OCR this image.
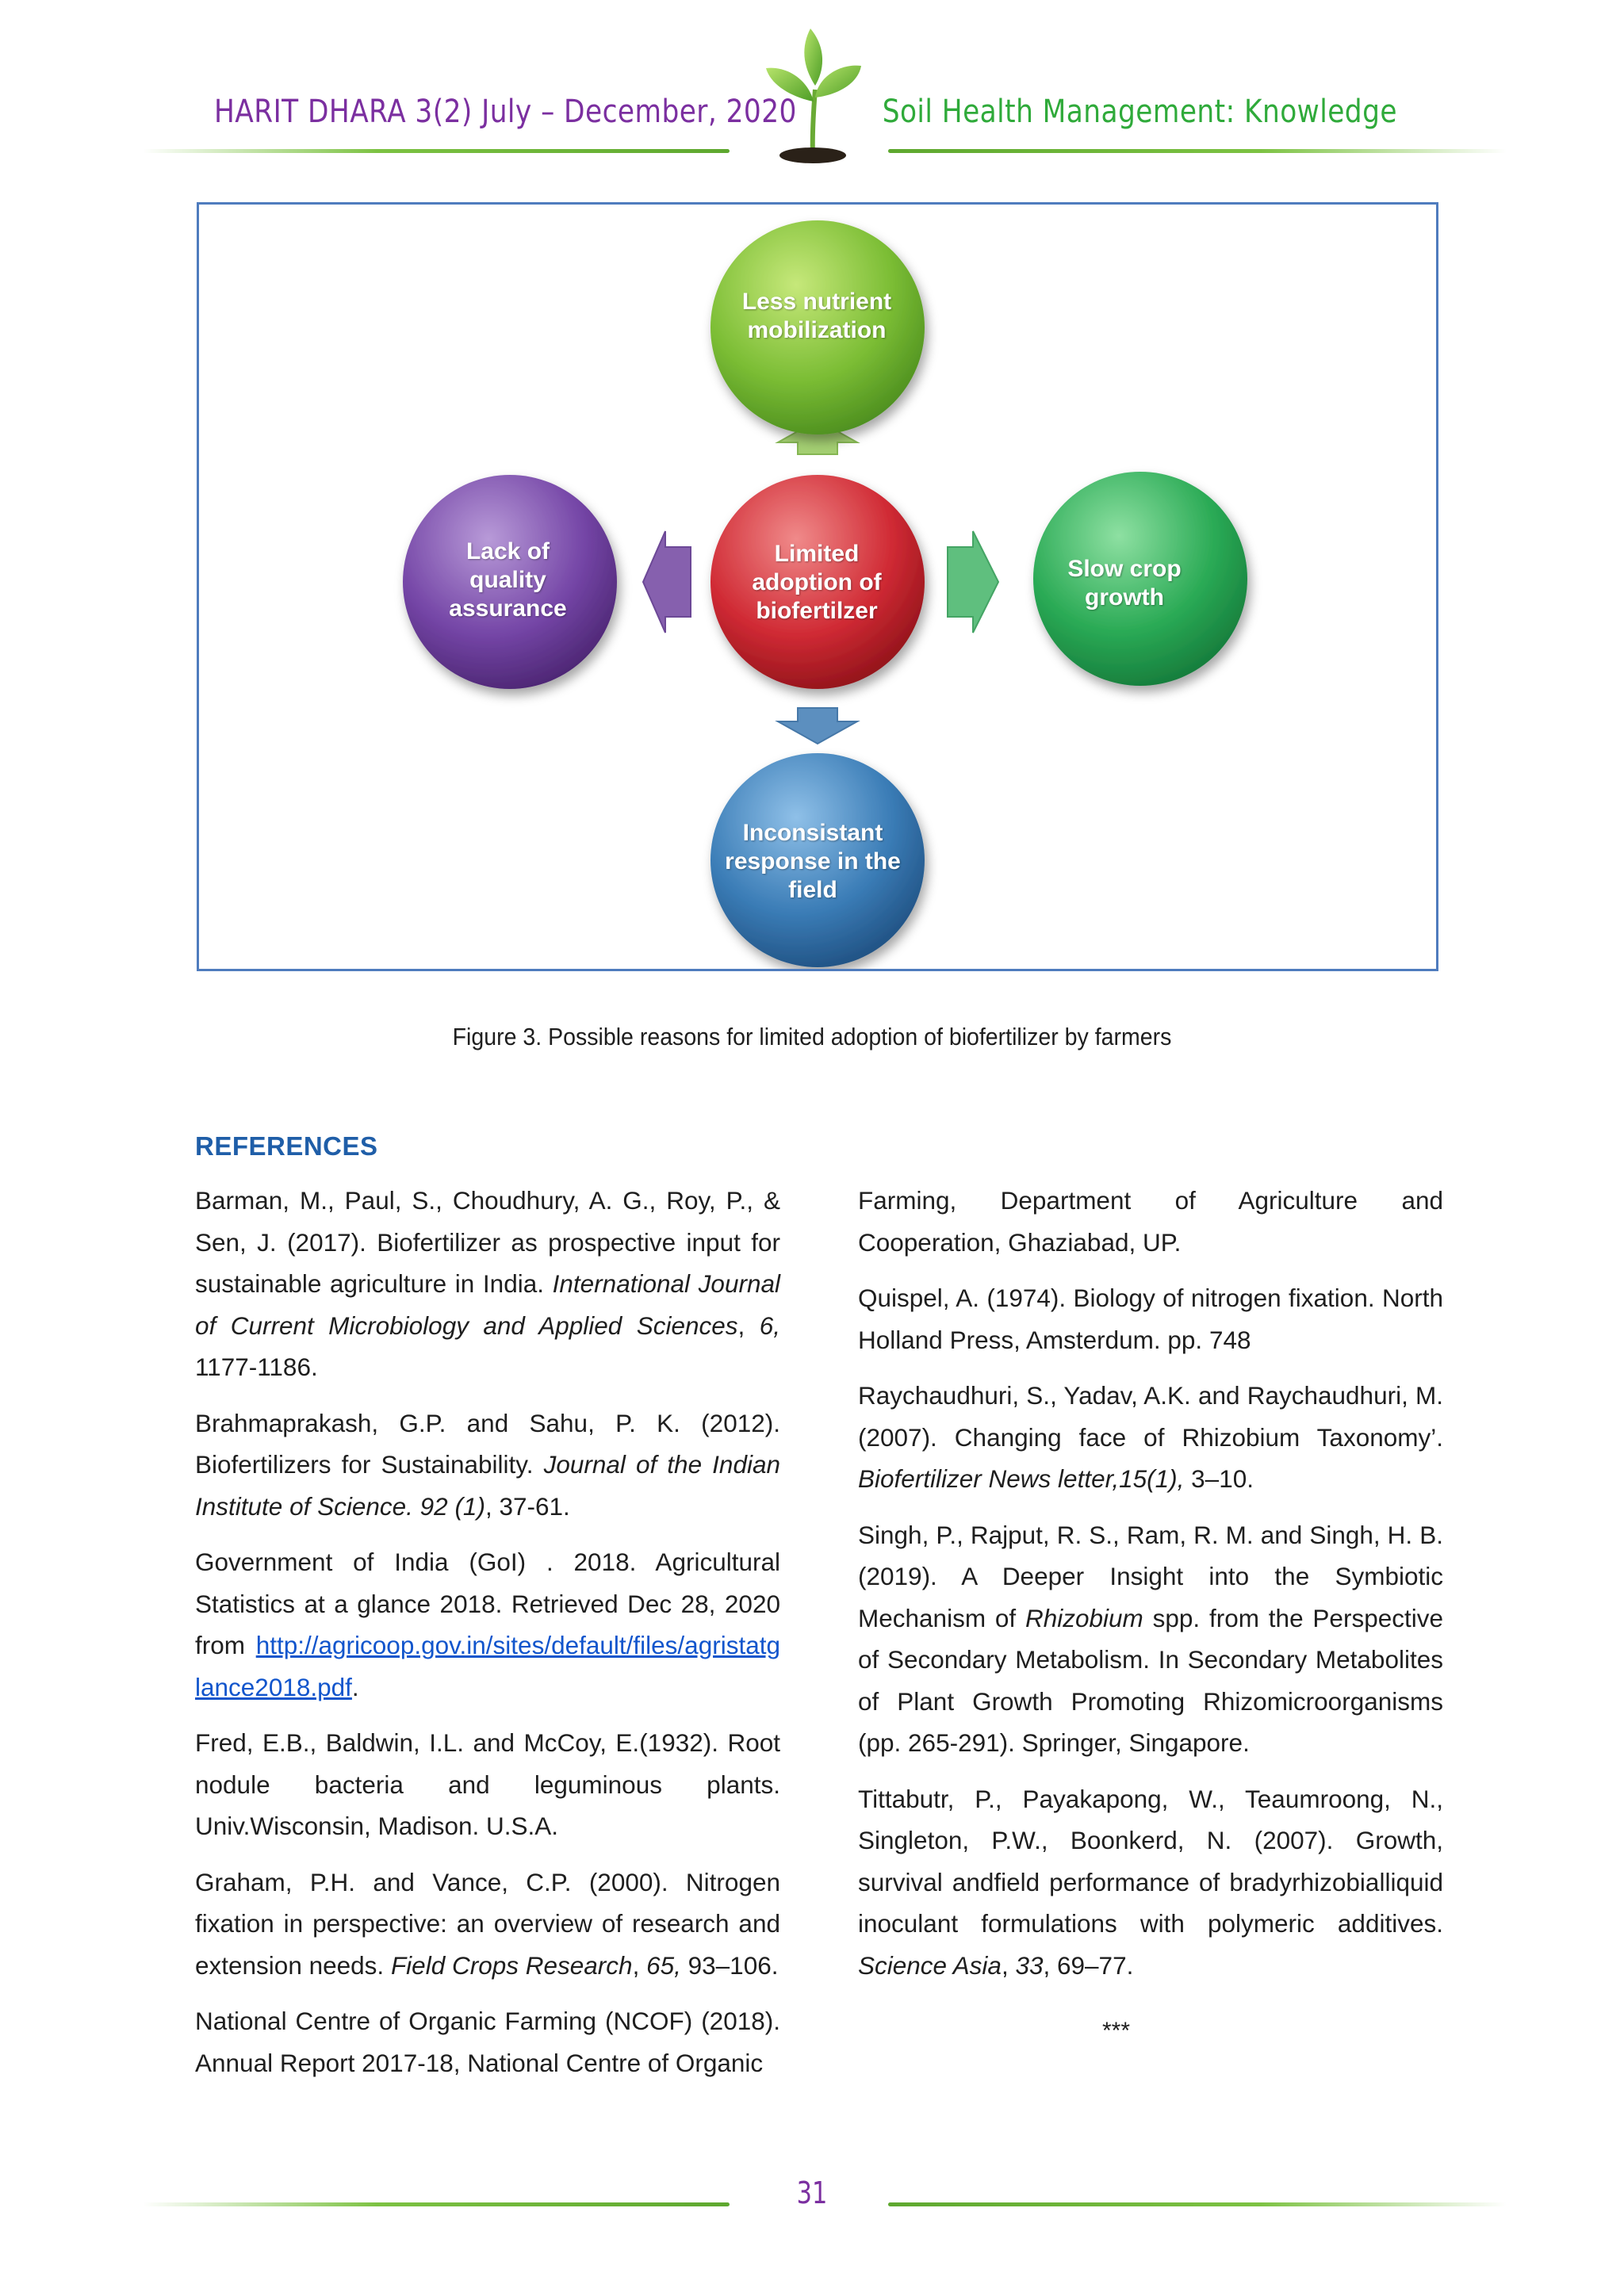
HARIT DHARA 3(2) July – December, 2020	Soil Health Management: Knowledge
Less nutrient mobilization
Slow crop growth
Inconsistant response in the field
Lack of quality assurance
Limited adoption of biofertilzer
Figure 3. Possible reasons for limited adoption of biofertilizer by farmers
REFERENCES

Barman, M., Paul, S., Choudhury, A. G., Roy, P., & Sen, J. (2017). Biofertilizer as prospective input for sustainable agriculture in India. International Journal of Current Microbiology and Applied Sciences, 6, 1177-1186.

Brahmaprakash, G.P. and Sahu, P. K. (2012). Biofertilizers for Sustainability. Journal of the Indian Institute of Science. 92 (1), 37-61.

Government of India (GoI) . 2018. Agricultural Statistics at a glance 2018. Retrieved Dec 28, 2020 from http://agricoop.gov.in/sites/default/files/agristatglance2018.pdf.

Fred, E.B., Baldwin, I.L. and McCoy, E.(1932). Root nodule bacteria and leguminous plants. Univ.Wisconsin, Madison. U.S.A.

Graham, P.H. and Vance, C.P. (2000). Nitrogen fixation in perspective: an overview of research and extension needs. Field Crops Research, 65, 93–106.

National Centre of Organic Farming (NCOF) (2018). Annual Report 2017-18, National Centre of Organic

Farming, Department of Agriculture and Cooperation, Ghaziabad, UP.

Quispel, A. (1974). Biology of nitrogen fixation. North Holland Press, Amsterdum. pp. 748

Raychaudhuri, S., Yadav, A.K. and Raychaudhuri, M. (2007). Changing face of Rhizobium Taxonomy’. Biofertilizer News letter,15(1), 3–10.

Singh, P., Rajput, R. S., Ram, R. M. and Singh, H. B. (2019). A Deeper Insight into the Symbiotic Mechanism of Rhizobium spp. from the Perspective of Secondary Metabolism. In Secondary Metabolites of Plant Growth Promoting Rhizomicroorganisms (pp. 265-291). Springer, Singapore.

Tittabutr, P., Payakapong, W., Teaumroong, N., Singleton, P.W., Boonkerd, N. (2007). Growth, survival andfield performance of bradyrhizobialliquid inoculant formulations with polymeric additives. Science Asia, 33, 69–77.

***
31
